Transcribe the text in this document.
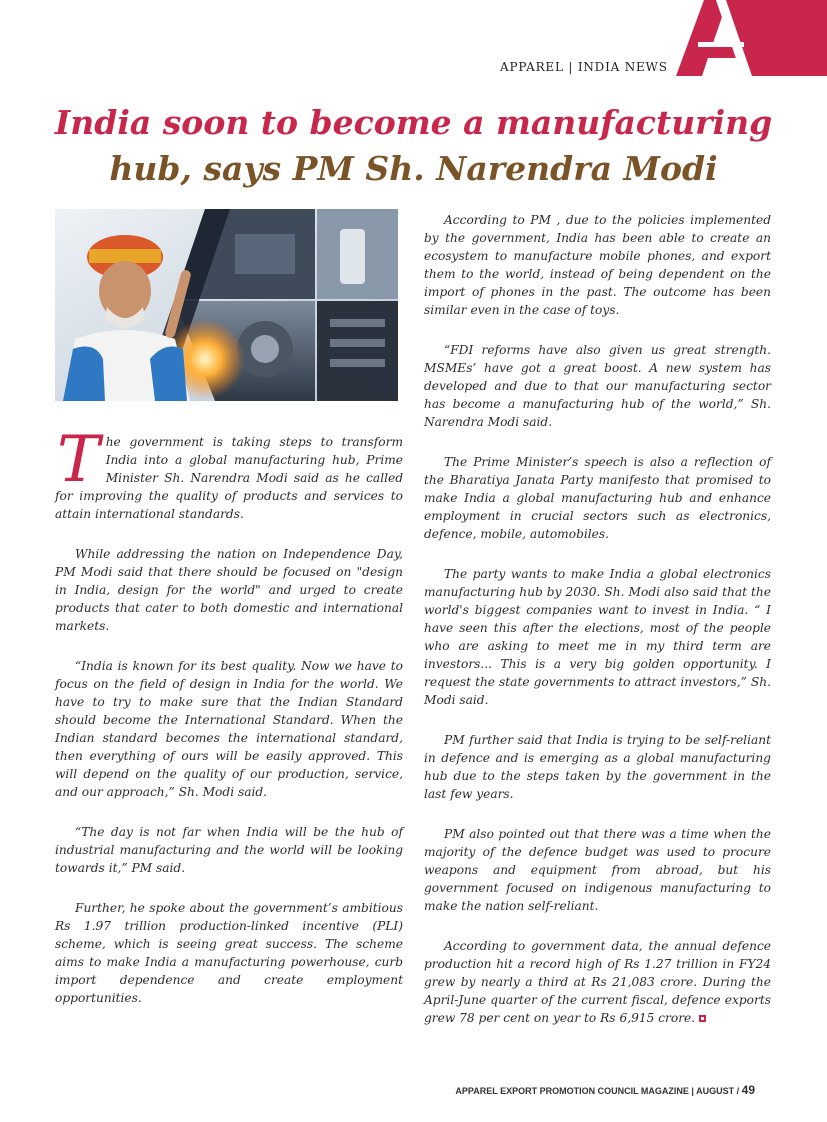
APPAREL | INDIA NEWS
India soon to become a manufacturing
hub, says PM Sh. Narendra Modi

The government is taking steps to transform India into a global manufacturing hub, Prime Minister Sh. Narendra Modi said as he called for improving the quality of products and services to attain international standards.

While addressing the nation on Independence Day, PM Modi said that there should be focused on "design in India, design for the world" and urged to create products that cater to both domestic and international markets.

“India is known for its best quality. Now we have to focus on the field of design in India for the world. We have to try to make sure that the Indian Standard should become the International Standard. When the Indian standard becomes the international standard, then everything of ours will be easily approved. This will depend on the quality of our production, service, and our approach,” Sh. Modi said.

“The day is not far when India will be the hub of industrial manufacturing and the world will be looking towards it,” PM said.

Further, he spoke about the government’s ambitious Rs 1.97 trillion production-linked incentive (PLI) scheme, which is seeing great success. The scheme aims to make India a manufacturing powerhouse, curb import dependence and create employment opportunities.

According to PM , due to the policies implemented by the government, India has been able to create an ecosystem to manufacture mobile phones, and export them to the world, instead of being dependent on the import of phones in the past. The outcome has been similar even in the case of toys.

“FDI reforms have also given us great strength. MSMEs’ have got a great boost. A new system has developed and due to that our manufacturing sector has become a manufacturing hub of the world,” Sh. Narendra Modi said.

The Prime Minister’s speech is also a reflection of the Bharatiya Janata Party manifesto that promised to make India a global manufacturing hub and enhance employment in crucial sectors such as electronics, defence, mobile, automobiles.

The party wants to make India a global electronics manufacturing hub by 2030. Sh. Modi also said that the world's biggest companies want to invest in India. “ I have seen this after the elections, most of the people who are asking to meet me in my third term are investors... This is a very big golden opportunity. I request the state governments to attract investors,” Sh. Modi said.

PM further said that India is trying to be self-reliant in defence and is emerging as a global manufacturing hub due to the steps taken by the government in the last few years.

PM also pointed out that there was a time when the majority of the defence budget was used to procure weapons and equipment from abroad, but his government focused on indigenous manufacturing to make the nation self-reliant.

According to government data, the annual defence production hit a record high of Rs 1.27 trillion in FY24 grew by nearly a third at Rs 21,083 crore. During the April-June quarter of the current fiscal, defence exports grew 78 per cent on year to Rs 6,915 crore.

APPAREL EXPORT PROMOTION COUNCIL MAGAZINE | AUGUST / 49
